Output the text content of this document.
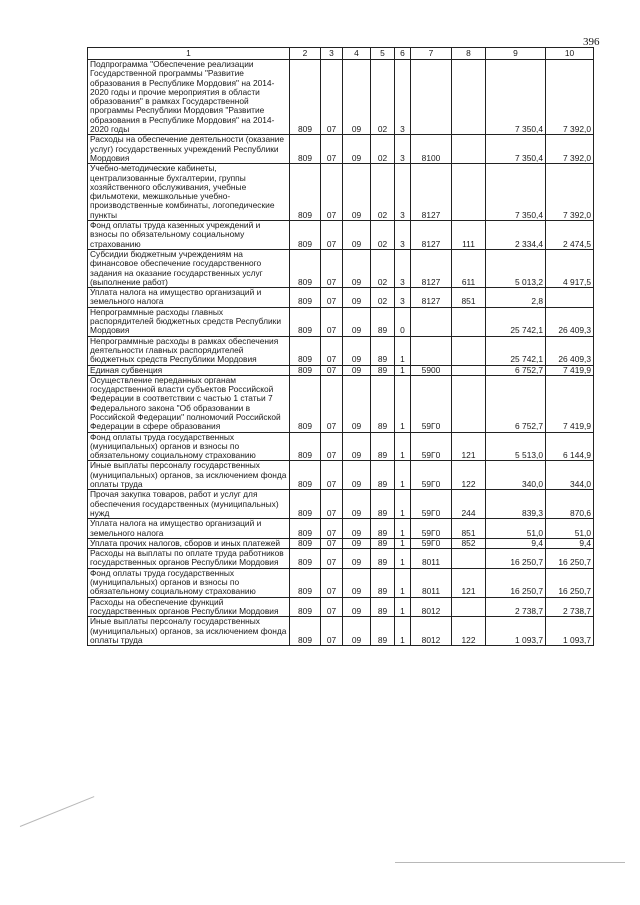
396
1	2	3	4	5	6	7	8	9	10
Подпрограмма "Обеспечение реализации Государственной программы "Развитие образования в Республике Мордовия" на 2014-2020 годы и прочие мероприятия в области образования" в рамках Государственной программы Республики Мордовия "Развитие образования в Республике Мордовия" на 2014-2020 годы	809	07	09	02	3			7 350,4	7 392,0
Расходы на обеспечение деятельности (оказание услуг) государственных учреждений Республики Мордовия	809	07	09	02	3	8100		7 350,4	7 392,0
Учебно-методические кабинеты, централизованные бухгалтерии, группы хозяйственного обслуживания, учебные фильмотеки, межшкольные учебно-производственные комбинаты, логопедические пункты	809	07	09	02	3	8127		7 350,4	7 392,0
Фонд оплаты труда казенных учреждений и взносы по обязательному социальному страхованию	809	07	09	02	3	8127	111	2 334,4	2 474,5
Субсидии бюджетным учреждениям на финансовое обеспечение государственного задания на оказание государственных услуг (выполнение работ)	809	07	09	02	3	8127	611	5 013,2	4 917,5
Уплата налога на имущество организаций и земельного налога	809	07	09	02	3	8127	851	2,8	
Непрограммные расходы главных распорядителей бюджетных средств Республики Мордовия	809	07	09	89	0			25 742,1	26 409,3
Непрограммные расходы в рамках обеспечения деятельности главных распорядителей бюджетных средств Республики Мордовия	809	07	09	89	1			25 742,1	26 409,3
Единая субвенция	809	07	09	89	1	5900		6 752,7	7 419,9
Осуществление переданных органам государственной власти субъектов Российской Федерации в соответствии с частью 1 статьи 7 Федерального закона "Об образовании в Российской Федерации" полномочий Российской Федерации в сфере образования	809	07	09	89	1	59Г0		6 752,7	7 419,9
Фонд оплаты труда государственных (муниципальных) органов и взносы по обязательному социальному страхованию	809	07	09	89	1	59Г0	121	5 513,0	6 144,9
Иные выплаты персоналу государственных (муниципальных) органов, за исключением фонда оплаты труда	809	07	09	89	1	59Г0	122	340,0	344,0
Прочая закупка товаров, работ и услуг для обеспечения государственных (муниципальных) нужд	809	07	09	89	1	59Г0	244	839,3	870,6
Уплата налога на имущество организаций и земельного налога	809	07	09	89	1	59Г0	851	51,0	51,0
Уплата прочих налогов, сборов и иных платежей	809	07	09	89	1	59Г0	852	9,4	9,4
Расходы на выплаты по оплате труда работников государственных органов Республики Мордовия	809	07	09	89	1	8011		16 250,7	16 250,7
Фонд оплаты труда государственных (муниципальных) органов и взносы по обязательному социальному страхованию	809	07	09	89	1	8011	121	16 250,7	16 250,7
Расходы на обеспечение функций государственных органов Республики Мордовия	809	07	09	89	1	8012		2 738,7	2 738,7
Иные выплаты персоналу государственных (муниципальных) органов, за исключением фонда оплаты труда	809	07	09	89	1	8012	122	1 093,7	1 093,7
